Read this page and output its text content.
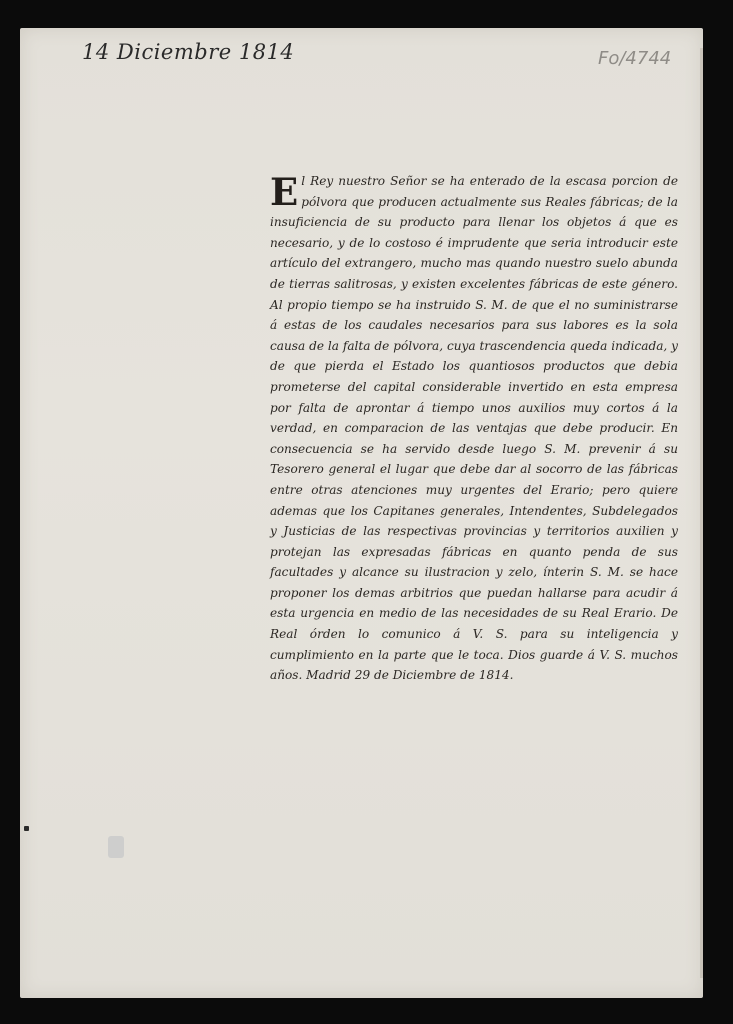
14 Diciembre 1814	Fo/4744
El Rey nuestro Señor se ha enterado de la escasa porcion de pólvora que producen actualmente sus Reales fábricas; de la insuficiencia de su producto para llenar los objetos á que es necesario, y de lo costoso é imprudente que seria introducir este artículo del extrangero, mucho mas quando nuestro suelo abunda de tierras salitrosas, y existen excelentes fábricas de este género. Al propio tiempo se ha instruido S. M. de que el no suministrarse á estas de los caudales necesarios para sus labores es la sola causa de la falta de pólvora, cuya trascendencia queda indicada, y de que pierda el Estado los quantiosos productos que debia prometerse del capital considerable invertido en esta empresa por falta de aprontar á tiempo unos auxilios muy cortos á la verdad, en comparacion de las ventajas que debe producir. En consecuencia se ha servido desde luego S. M. prevenir á su Tesorero general el lugar que debe dar al socorro de las fábricas entre otras atenciones muy urgentes del Erario; pero quiere ademas que los Capitanes generales, Intendentes, Subdelegados y Justicias de las respectivas provincias y territorios auxilien y protejan las expresadas fábricas en quanto penda de sus facultades y alcance su ilustracion y zelo, ínterin S. M. se hace proponer los demas arbitrios que puedan hallarse para acudir á esta urgencia en medio de las necesidades de su Real Erario. De Real órden lo comunico á V. S. para su inteligencia y cumplimiento en la parte que le toca. Dios guarde á V. S. muchos años. Madrid 29 de Diciembre de 1814.
